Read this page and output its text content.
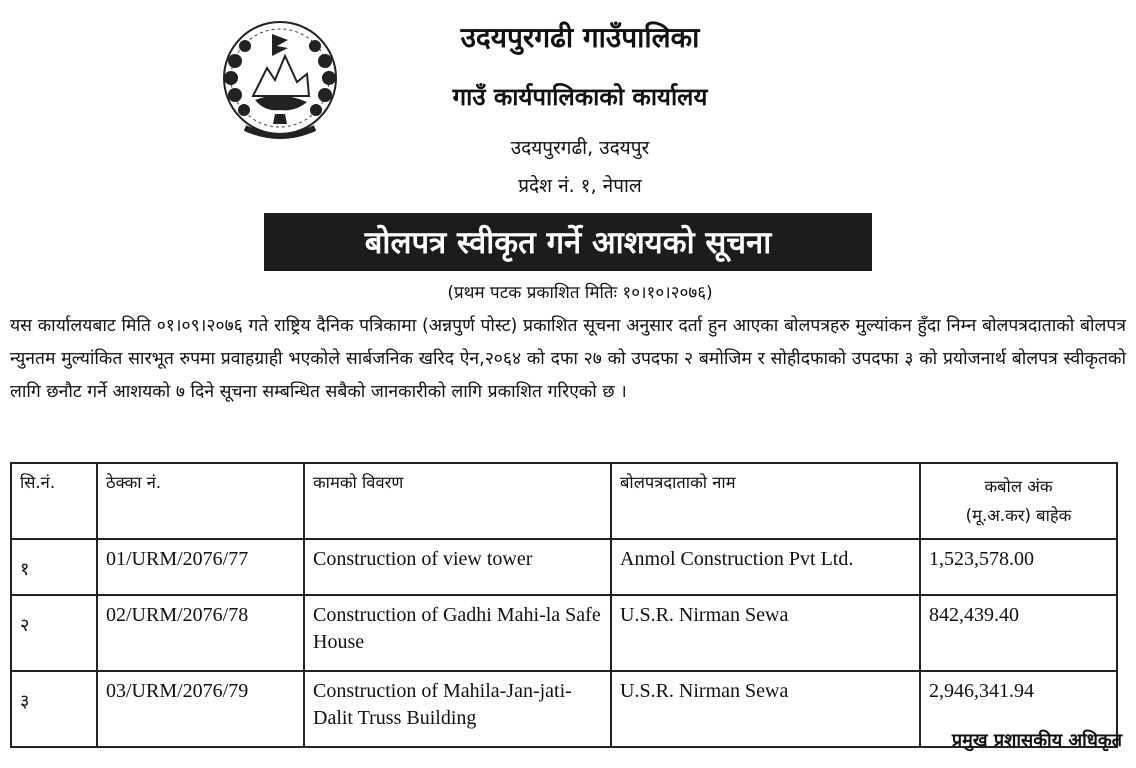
उदयपुरगढी गाउँपालिका
गाउँ कार्यपालिकाको कार्यालय
उदयपुरगढी, उदयपुर
प्रदेश नं. १, नेपाल
बोलपत्र स्वीकृत गर्ने आशयको सूचना
(प्रथम पटक प्रकाशित मितिः १०।१०।२०७६)
यस कार्यालयबाट मिति ०१।०९।२०७६ गते राष्ट्रिय दैनिक पत्रिकामा (अन्नपुर्ण पोस्ट) प्रकाशित सूचना अनुसार दर्ता हुन आएका बोलपत्रहरु मुल्यांकन हुँदा निम्न बोलपत्रदाताको बोलपत्र न्युनतम मुल्यांकित सारभूत रुपमा प्रवाहग्राही भएकोले सार्बजनिक खरिद ऐन,२०६४ को दफा २७ को उपदफा २ बमोजिम र सोहीदफाको उपदफा ३ को प्रयोजनार्थ बोलपत्र स्वीकृतको लागि छनौट गर्ने आशयको ७ दिने सूचना सम्बन्धित सबैको जानकारीको लागि प्रकाशित गरिएको छ ।
सि.नं.	ठेक्का नं.	कामको विवरण	बोलपत्रदाताको नाम	कबोल अंक
(मू.अ.कर) बाहेक
१	01/URM/2076/77	Construction of view tower	Anmol Construction Pvt Ltd.	1,523,578.00
२	02/URM/2076/78	Construction of Gadhi Mahi-la Safe House	U.S.R. Nirman Sewa	842,439.40
३	03/URM/2076/79	Construction of Mahila-Jan-jati-Dalit Truss Building	U.S.R. Nirman Sewa	2,946,341.94
प्रमुख प्रशासकीय अधिकृत
